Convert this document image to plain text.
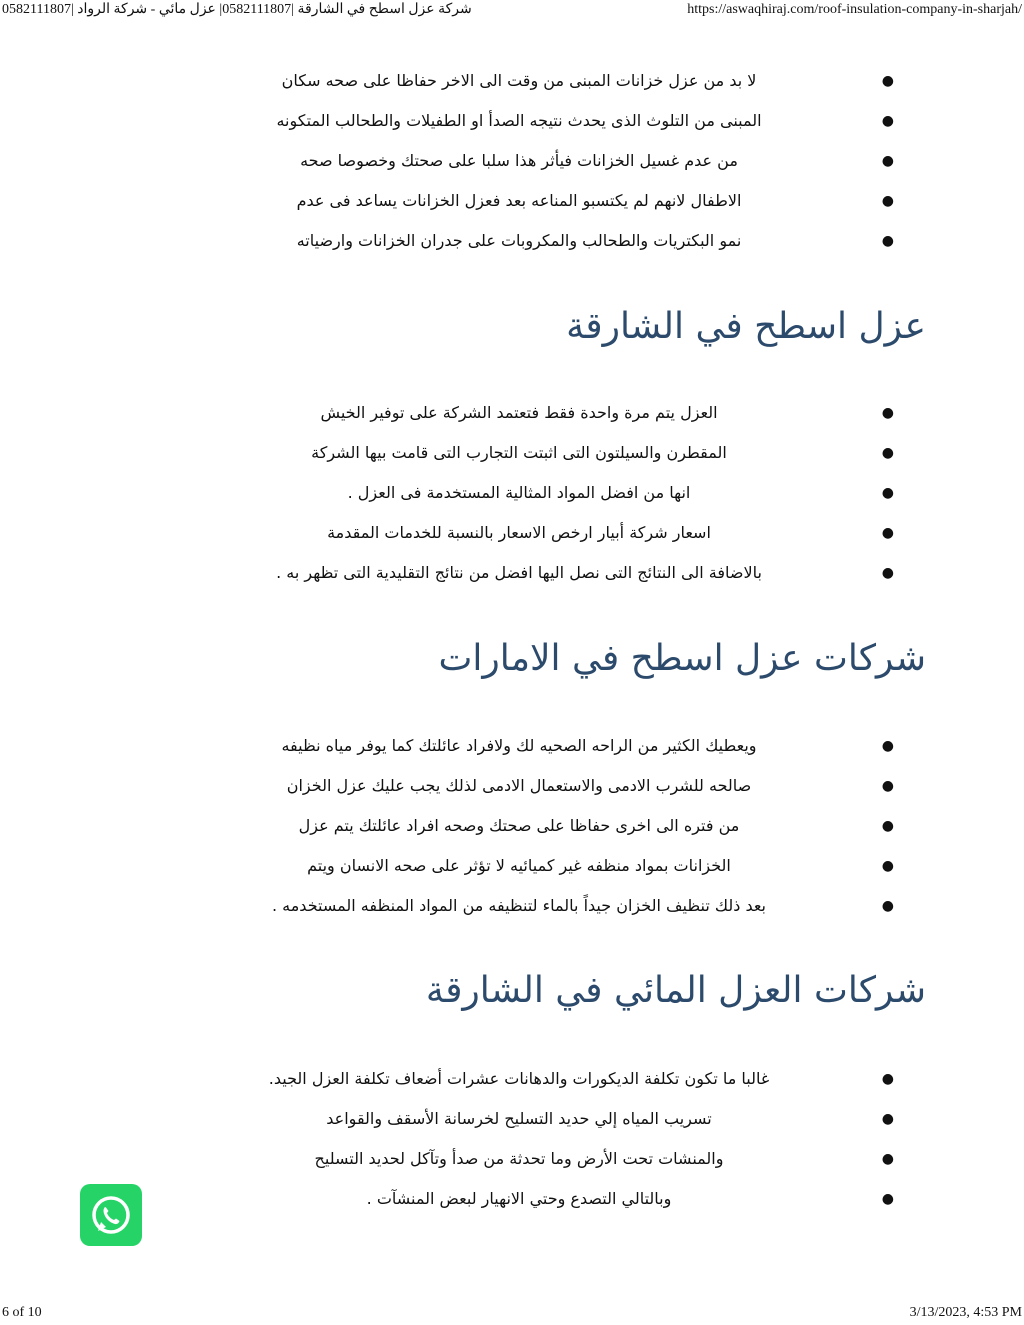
شركة عزل اسطح في الشارقة |0582111807| عزل مائي - شركة الرواد |0582111807	https://aswaqhiraj.com/roof-insulation-company-in-sharjah/
●
لا بد من عزل خزانات المبنى من وقت الى الاخر حفاظا على صحه سكان
●
المبنى من التلوث الذى يحدث نتيجه الصدأ او الطفيلات والطحالب المتكونه
●
من عدم غسيل الخزانات فيأثر هذا سلبا على صحتك وخصوصا صحه
●
الاطفال لانهم لم يكتسبو المناعه بعد فعزل الخزانات يساعد فى عدم
●
نمو البكتريات والطحالب والمكروبات على جدران الخزانات وارضياته
عزل اسطح في الشارقة
●
العزل يتم مرة واحدة فقط فتعتمد الشركة على توفير الخيش
●
المقطرن والسيلتون التى اثبتت التجارب التى قامت بيها الشركة
●
انها من افضل المواد المثالية المستخدمة فى العزل .
●
اسعار شركة أبيار ارخص الاسعار بالنسبة للخدمات المقدمة
●
بالاضافة الى النتائج التى نصل اليها افضل من نتائج التقليدية التى تظهر به .
شركات عزل اسطح في الامارات
●
ويعطيك الكثير من الراحه الصحيه لك ولافراد عائلتك كما يوفر مياه نظيفه
●
صالحه للشرب الادمى والاستعمال الادمى لذلك يجب عليك عزل الخزان
●
من فتره الى اخرى حفاظا على صحتك وصحه افراد عائلتك يتم عزل
●
الخزانات بمواد منظفه غير كميائيه لا تؤثر على صحه الانسان ويتم
●
بعد ذلك تنظيف الخزان جيداً بالماء لتنظيفه من المواد المنظفه المستخدمه .
شركات العزل المائي في الشارقة
●
غالبا ما تكون تكلفة الديكورات والدهانات عشرات أضعاف تكلفة العزل الجيد.
●
تسريب المياه إلي حديد التسليح لخرسانة الأسقف والقواعد
●
والمنشات تحت الأرض وما تحدثة من صدأ وتآكل لحديد التسليح
●
وبالتالي التصدع وحتي الانهيار لبعض المنشآت .
6 of 10	3/13/2023, 4:53 PM
